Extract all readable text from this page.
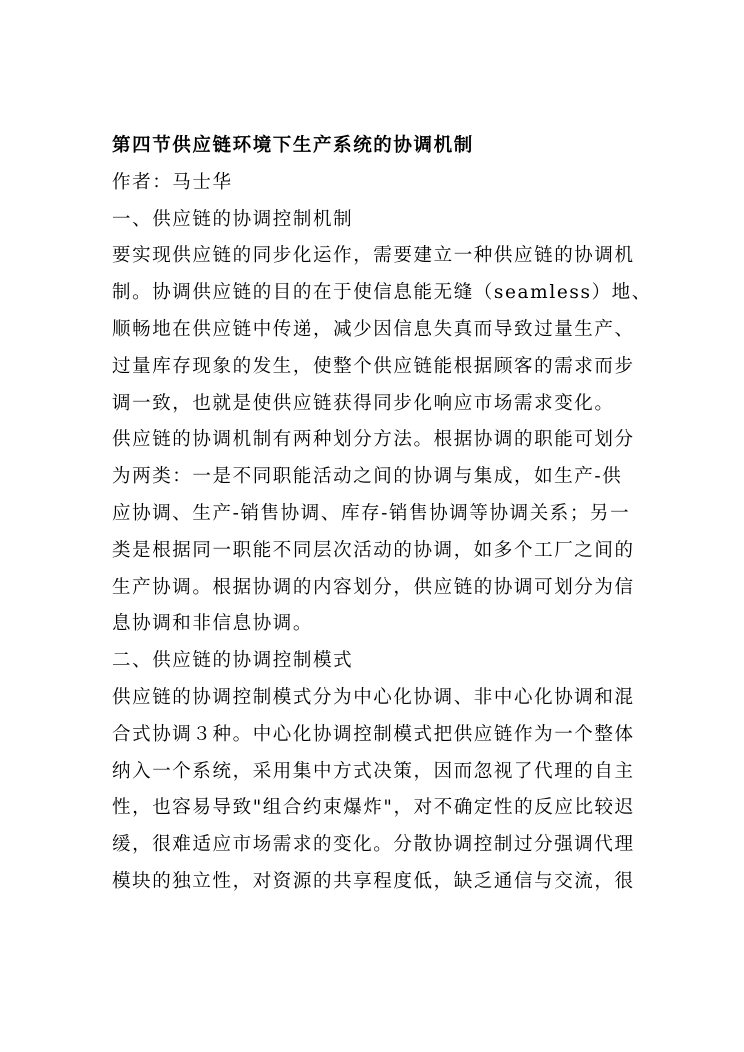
第四节供应链环境下生产系统的协调机制

作者：马士华

一、供应链的协调控制机制

要实现供应链的同步化运作，需要建立一种供应链的协调机

制。协调供应链的目的在于使信息能无缝（seamless）地、

顺畅地在供应链中传递，减少因信息失真而导致过量生产、

过量库存现象的发生，使整个供应链能根据顾客的需求而步

调一致，也就是使供应链获得同步化响应市场需求变化。

供应链的协调机制有两种划分方法。根据协调的职能可划分

为两类：一是不同职能活动之间的协调与集成，如生产-供

应协调、生产-销售协调、库存-销售协调等协调关系；另一

类是根据同一职能不同层次活动的协调，如多个工厂之间的

生产协调。根据协调的内容划分，供应链的协调可划分为信

息协调和非信息协调。

二、供应链的协调控制模式

供应链的协调控制模式分为中心化协调、非中心化协调和混

合式协调３种。中心化协调控制模式把供应链作为一个整体

纳入一个系统，采用集中方式决策，因而忽视了代理的自主

性，也容易导致"组合约束爆炸"，对不确定性的反应比较迟

缓，很难适应市场需求的变化。分散协调控制过分强调代理

模块的独立性，对资源的共享程度低，缺乏通信与交流，很
